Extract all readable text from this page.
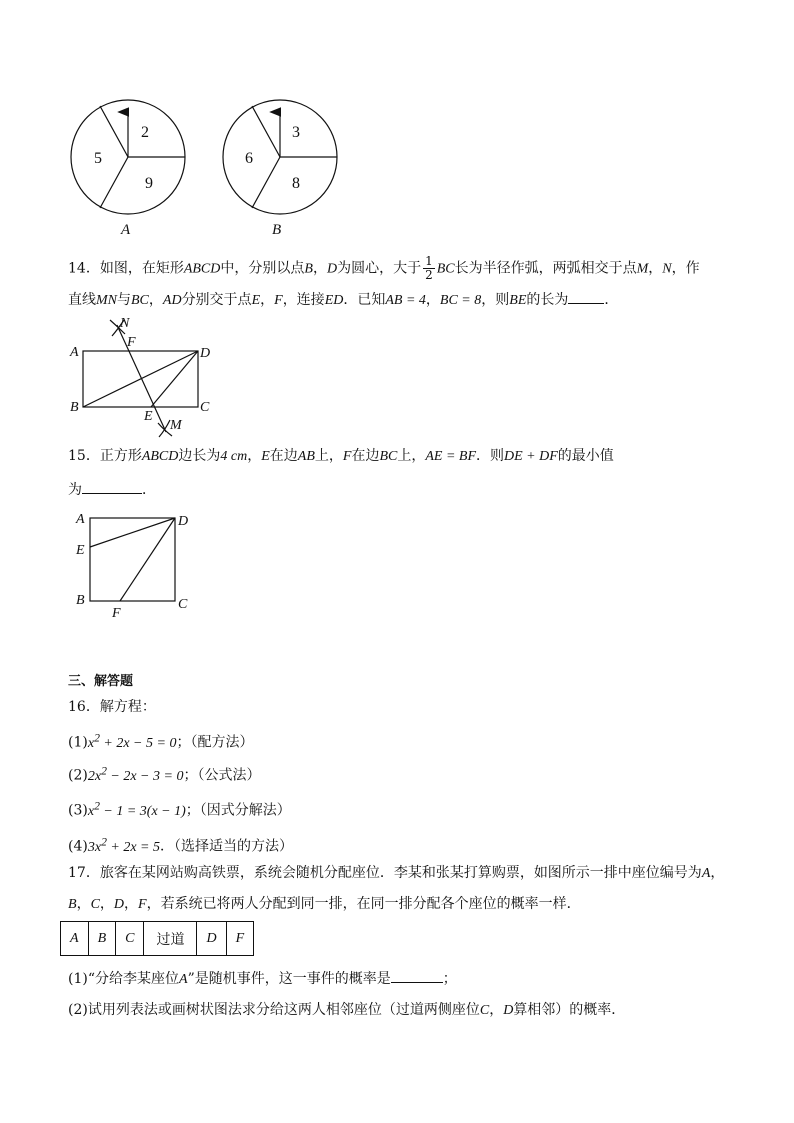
2
5
9
3
6
8
A	B
14．如图，在矩形ABCD中，分别以点B，D为圆心，大于 $\frac{1}{2}$ BC长为半径作弧，两弧相交于点M，N，作
直线MN与BC，AD分别交于点E，F，连接ED．已知AB = 4，BC = 8，则BE的长为	．
N
F
A	D
B	C
E
M
15．正方形ABCD边长为4 cm，E在边AB上，F在边BC上，AE = BF．则DE + DF的最小值
为	．
A	D
E
B	C
F
三、解答题
16．解方程：
$(1)x^2 + 2x - 5 = 0$；（配方法）
$(2)2x^2 - 2x - 3 = 0$；（公式法）
$(3)x^2 - 1 = 3(x - 1)$；（因式分解法）
$(4)3x^2 + 2x = 5$．（选择适当的方法）
17．旅客在某网站购高铁票，系统会随机分配座位．李某和张某打算购票，如图所示一排中座位编号为A，
B，C，D，F，若系统已将两人分配到同一排，在同一排分配各个座位的概率一样．
A	B	C	过道	D	F
(1)“分给李某座位A”是随机事件，这一事件的概率是	；
(2)试用列表法或画树状图法求分给这两人相邻座位（过道两侧座位C，D算相邻）的概率．
